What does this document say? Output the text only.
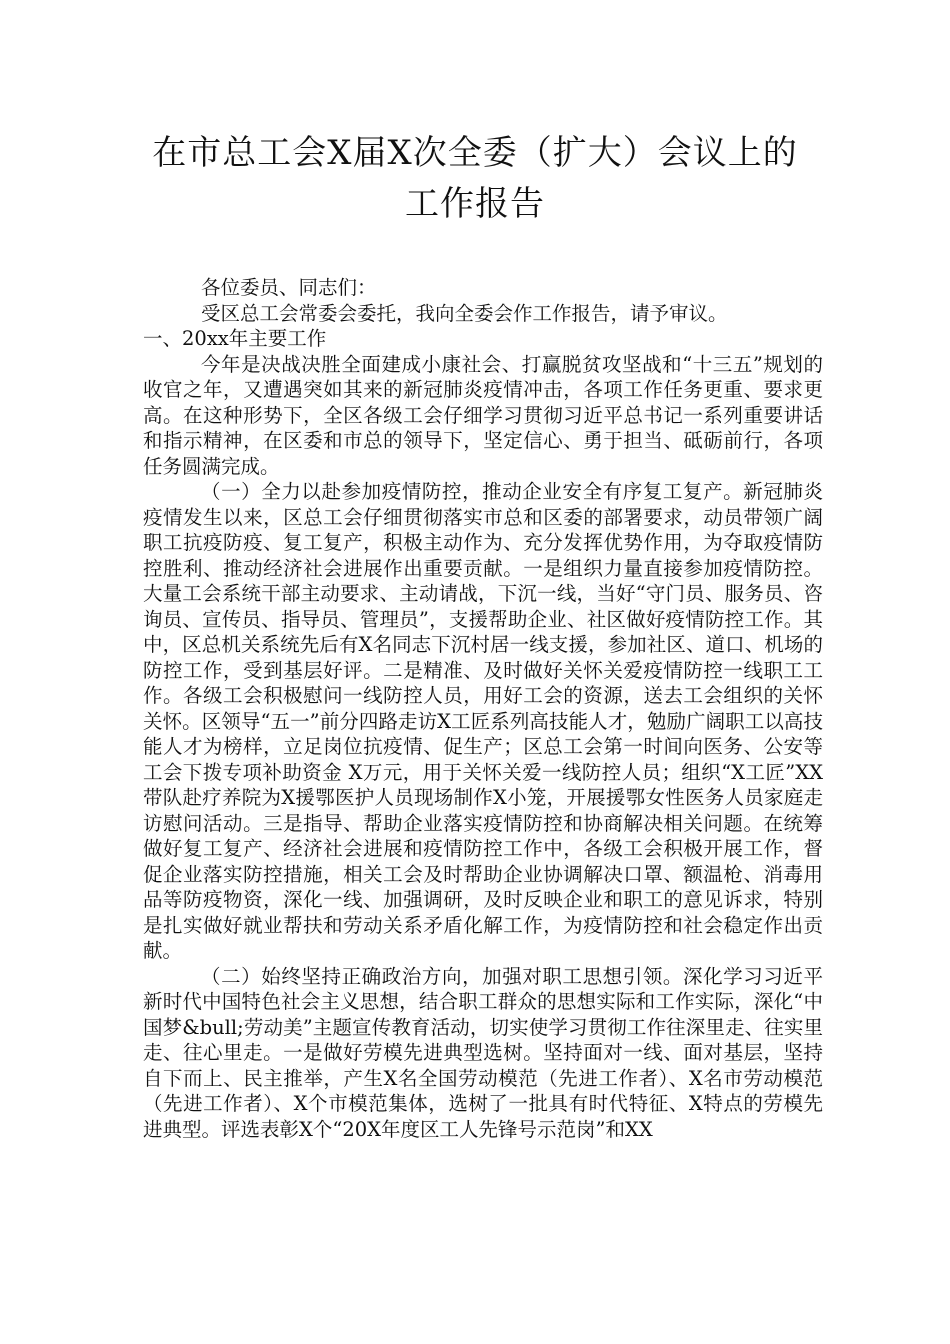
在市总工会X届X次全委（扩大）会议上的
工作报告

各位委员、同志们：

受区总工会常委会委托，我向全委会作工作报告，请予审议。

一、20xx年主要工作

今年是决战决胜全面建成小康社会、打赢脱贫攻坚战和“十三五”规划的收官之年，又遭遇突如其来的新冠肺炎疫情冲击，各项工作任务更重、要求更高。在这种形势下，全区各级工会仔细学习贯彻习近平总书记一系列重要讲话和指示精神，在区委和市总的领导下，坚定信心、勇于担当、砥砺前行，各项任务圆满完成。

（一）全力以赴参加疫情防控，推动企业安全有序复工复产。新冠肺炎疫情发生以来，区总工会仔细贯彻落实市总和区委的部署要求，动员带领广阔职工抗疫防疫、复工复产，积极主动作为、充分发挥优势作用，为夺取疫情防控胜利、推动经济社会进展作出重要贡献。一是组织力量直接参加疫情防控。大量工会系统干部主动要求、主动请战，下沉一线，当好“守门员、服务员、咨询员、宣传员、指导员、管理员”，支援帮助企业、社区做好疫情防控工作。其中，区总机关系统先后有X名同志下沉村居一线支援，参加社区、道口、机场的防控工作，受到基层好评。二是精准、及时做好关怀关爱疫情防控一线职工工作。各级工会积极慰问一线防控人员，用好工会的资源，送去工会组织的关怀关怀。区领导“五一”前分四路走访X工匠系列高技能人才，勉励广阔职工以高技能人才为榜样，立足岗位抗疫情、促生产；区总工会第一时间向医务、公安等工会下拨专项补助资金 X万元，用于关怀关爱一线防控人员；组织“X工匠”XX带队赴疗养院为X援鄂医护人员现场制作X小笼，开展援鄂女性医务人员家庭走访慰问活动。三是指导、帮助企业落实疫情防控和协商解决相关问题。在统筹做好复工复产、经济社会进展和疫情防控工作中，各级工会积极开展工作，督促企业落实防控措施，相关工会及时帮助企业协调解决口罩、额温枪、消毒用品等防疫物资，深化一线、加强调研，及时反映企业和职工的意见诉求，特别是扎实做好就业帮扶和劳动关系矛盾化解工作，为疫情防控和社会稳定作出贡献。

（二）始终坚持正确政治方向，加强对职工思想引领。深化学习习近平新时代中国特色社会主义思想，结合职工群众的思想实际和工作实际，深化“中国梦&bull;劳动美”主题宣传教育活动，切实使学习贯彻工作往深里走、往实里走、往心里走。一是做好劳模先进典型选树。坚持面对一线、面对基层，坚持自下而上、民主推举，产生X名全国劳动模范（先进工作者）、X名市劳动模范（先进工作者）、X个市模范集体，选树了一批具有时代特征、X特点的劳模先进典型。评选表彰X个“20X年度区工人先锋号示范岗”和XX
